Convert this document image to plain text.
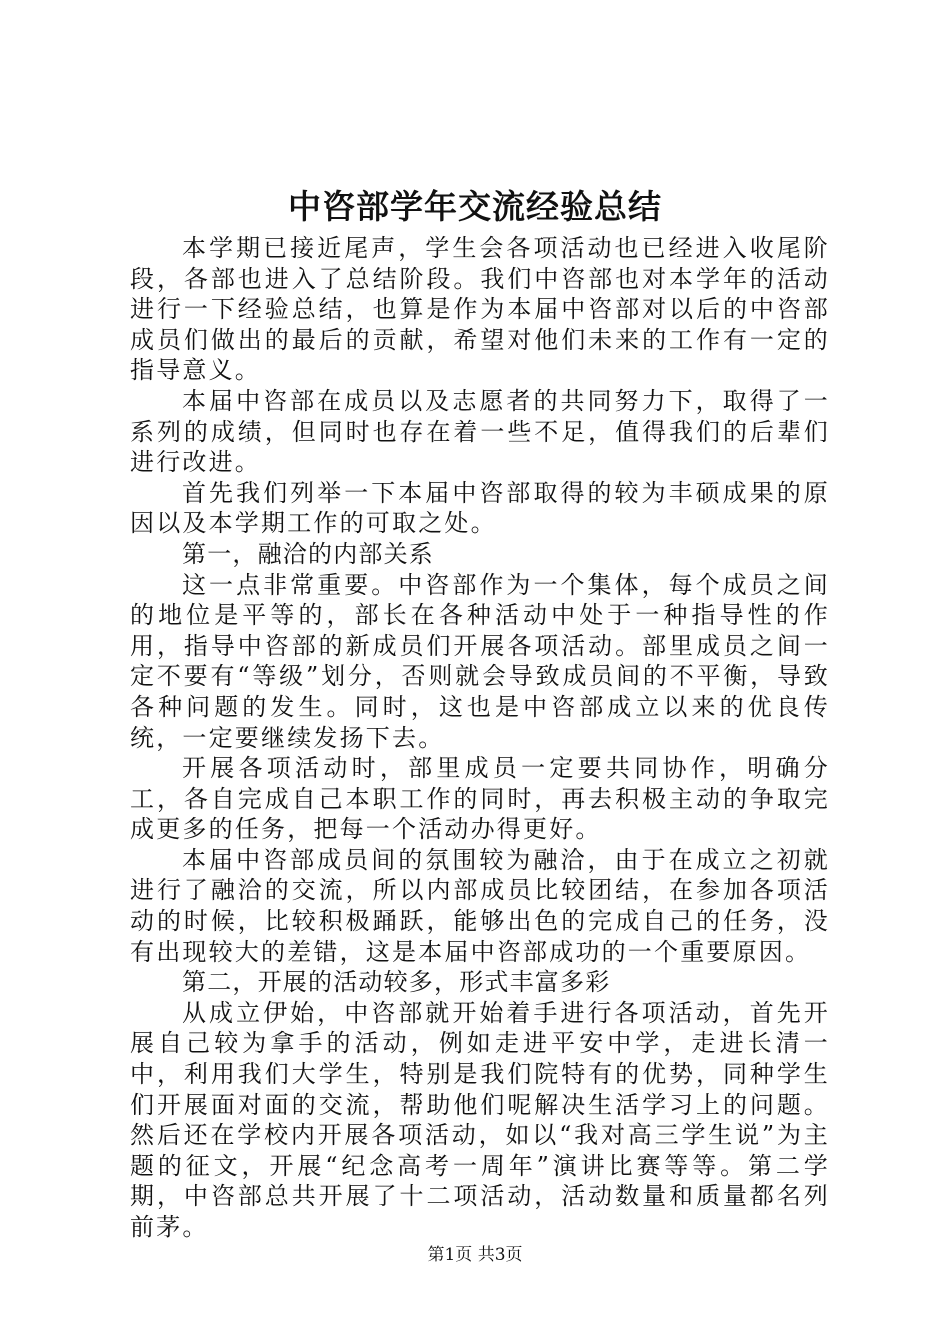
中咨部学年交流经验总结

本学期已接近尾声，学生会各项活动也已经进入收尾阶段，各部也进入了总结阶段。我们中咨部也对本学年的活动进行一下经验总结，也算是作为本届中咨部对以后的中咨部成员们做出的最后的贡献，希望对他们未来的工作有一定的指导意义。

本届中咨部在成员以及志愿者的共同努力下，取得了一系列的成绩，但同时也存在着一些不足，值得我们的后辈们进行改进。

首先我们列举一下本届中咨部取得的较为丰硕成果的原因以及本学期工作的可取之处。

第一，融洽的内部关系

这一点非常重要。中咨部作为一个集体，每个成员之间的地位是平等的，部长在各种活动中处于一种指导性的作用，指导中咨部的新成员们开展各项活动。部里成员之间一定不要有“等级”划分，否则就会导致成员间的不平衡，导致各种问题的发生。同时，这也是中咨部成立以来的优良传统，一定要继续发扬下去。

开展各项活动时，部里成员一定要共同协作，明确分工，各自完成自己本职工作的同时，再去积极主动的争取完成更多的任务，把每一个活动办得更好。

本届中咨部成员间的氛围较为融洽，由于在成立之初就进行了融洽的交流，所以内部成员比较团结，在参加各项活动的时候，比较积极踊跃，能够出色的完成自己的任务，没有出现较大的差错，这是本届中咨部成功的一个重要原因。

第二，开展的活动较多，形式丰富多彩

从成立伊始，中咨部就开始着手进行各项活动，首先开展自己较为拿手的活动，例如走进平安中学，走进长清一中，利用我们大学生，特别是我们院特有的优势，同种学生们开展面对面的交流，帮助他们呢解决生活学习上的问题。然后还在学校内开展各项活动，如以“我对高三学生说”为主题的征文，开展“纪念高考一周年”演讲比赛等等。第二学期，中咨部总共开展了十二项活动，活动数量和质量都名列前茅。

第1页 共3页
